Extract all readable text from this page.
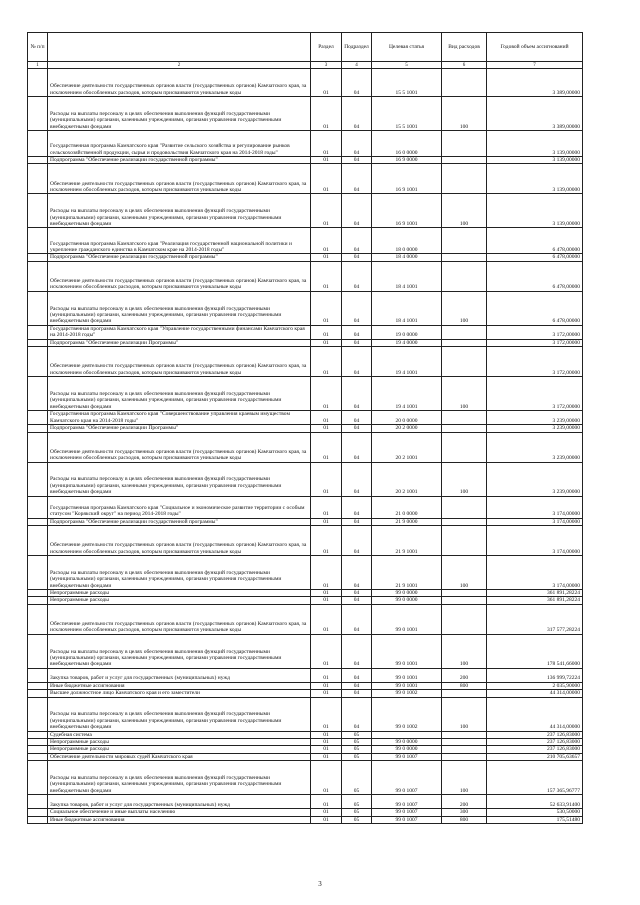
№ п/п		Раздел	Подраздел	Целевая статья	Вид расходов	Годовой объем ассигнований
1	2	3	4	5	6	7
	Обеспечение деятельности государственных органов власти (государственных органов) Камчатского края, за исключением обособленных расходов, которым присваиваются уникальные коды	01	04	15 5 1001		3 389,00000
	Расходы на выплаты персоналу в целях обеспечения выполнения функций государственными (муниципальными) органами, казенными учреждениями, органами управления государственными внебюджетными фондами	01	04	15 5 1001	100	3 389,00000
	Государственная программа Камчатского края "Развитие сельского хозяйства и регулирование рынков сельскохозяйственной продукции, сырья и продовольствия Камчатского края на 2014-2018 годы"	01	04	16 0 0000		3 139,00000
	Подпрограмма "Обеспечение реализации государственной программы"	01	04	16 9 0000		3 139,00000
	Обеспечение деятельности государственных органов власти (государственных органов) Камчатского края, за исключением обособленных расходов, которым присваиваются уникальные коды	01	04	16 9 1001		3 139,00000
	Расходы на выплаты персоналу в целях обеспечения выполнения функций государственными (муниципальными) органами, казенными учреждениями, органами управления государственными внебюджетными фондами	01	04	16 9 1001	100	3 139,00000
	Государственная программа Камчатского края "Реализация государственной национальной политики и укрепление гражданского единства в Камчатском крае на 2014-2018 годы"	01	04	18 0 0000		6 478,00000
	Подпрограмма "Обеспечение реализации государственной программы"	01	04	18 4 0000		6 478,00000
	Обеспечение деятельности государственных органов власти (государственных органов) Камчатского края, за исключением обособленных расходов, которым присваиваются уникальные коды	01	04	18 4 1001		6 478,00000
	Расходы на выплаты персоналу в целях обеспечения выполнения функций государственными (муниципальными) органами, казенными учреждениями, органами управления государственными внебюджетными фондами	01	04	18 4 1001	100	6 478,00000
	Государственная программа Камчатского края "Управление государственными финансами Камчатского края на 2014-2018 годы"	01	04	19 0 0000		3 172,00000
	Подпрограмма "Обеспечение реализации Программы"	01	04	19 4 0000		3 172,00000
	Обеспечение деятельности государственных органов власти (государственных органов) Камчатского края, за исключением обособленных расходов, которым присваиваются уникальные коды	01	04	19 4 1001		3 172,00000
	Расходы на выплаты персоналу в целях обеспечения выполнения функций государственными (муниципальными) органами, казенными учреждениями, органами управления государственными внебюджетными фондами	01	04	19 4 1001	100	3 172,00000
	Государственная программа Камчатского края "Совершенствование управления краевым имуществом Камчатского края на 2014-2018 годы"	01	04	20 0 0000		3 239,00000
	Подпрограмма "Обеспечение реализации Программы"	01	04	20 2 0000		3 239,00000
	Обеспечение деятельности государственных органов власти (государственных органов) Камчатского края, за исключением обособленных расходов, которым присваиваются уникальные коды	01	04	20 2 1001		3 239,00000
	Расходы на выплаты персоналу в целях обеспечения выполнения функций государственными (муниципальными) органами, казенными учреждениями, органами управления государственными внебюджетными фондами	01	04	20 2 1001	100	3 239,00000
	Государственная программа Камчатского края "Социальное и экономическое развитие территории с особым статусом "Корякский округ" на период 2014-2018 годы"	01	04	21 0 0000		3 174,00000
	Подпрограмма "Обеспечение реализации государственной программы"	01	04	21 9 0000		3 174,00000
	Обеспечение деятельности государственных органов власти (государственных органов) Камчатского края, за исключением обособленных расходов, которым присваиваются уникальные коды	01	04	21 9 1001		3 174,00000
	Расходы на выплаты персоналу в целях обеспечения выполнения функций государственными (муниципальными) органами, казенными учреждениями, органами управления государственными внебюджетными фондами	01	04	21 9 1001	100	3 174,00000
	Непрограммные расходы	01	04	99 0 0000		361 891,28224
	Непрограммные расходы	01	04	99 0 0000		361 891,28224
	Обеспечение деятельности государственных органов власти (государственных органов) Камчатского края, за исключением обособленных расходов, которым присваиваются уникальные коды	01	04	99 0 1001		317 577,28224
	Расходы на выплаты персоналу в целях обеспечения выполнения функций государственными (муниципальными) органами, казенными учреждениями, органами управления государственными внебюджетными фондами	01	04	99 0 1001	100	178 541,66000
	Закупка товаров, работ и услуг для государственных (муниципальных) нужд	01	04	99 0 1001	200	136 999,72224
	Иные бюджетные ассигнования	01	04	99 0 1001	800	2 035,90000
	Высшее должностное лицо Камчатского края и его заместители	01	04	99 0 1002		44 314,00000
	Расходы на выплаты персоналу в целях обеспечения выполнения функций государственными (муниципальными) органами, казенными учреждениями, органами управления государственными внебюджетными фондами	01	04	99 0 1002	100	44 314,00000
	Судебная система	01	05			237 126,83000
	Непрограммные расходы	01	05	99 0 0000		237 126,83000
	Непрограммные расходы	01	05	99 0 0000		237 126,83000
	Обеспечение деятельности мировых судей Камчатского края	01	05	99 0 1007		210 705,63657
	Расходы на выплаты персоналу в целях обеспечения выполнения функций государственными (муниципальными) органами, казенными учреждениями, органами управления государственными внебюджетными фондами	01	05	99 0 1007	100	157 365,96777
	Закупка товаров, работ и услуг для государственных (муниципальных) нужд	01	05	99 0 1007	200	52 633,91400
	Социальное обеспечение и иные выплаты населению	01	05	99 0 1007	300	530,50000
	Иные бюджетные ассигнования	01	05	99 0 1007	800	175,51480
3
